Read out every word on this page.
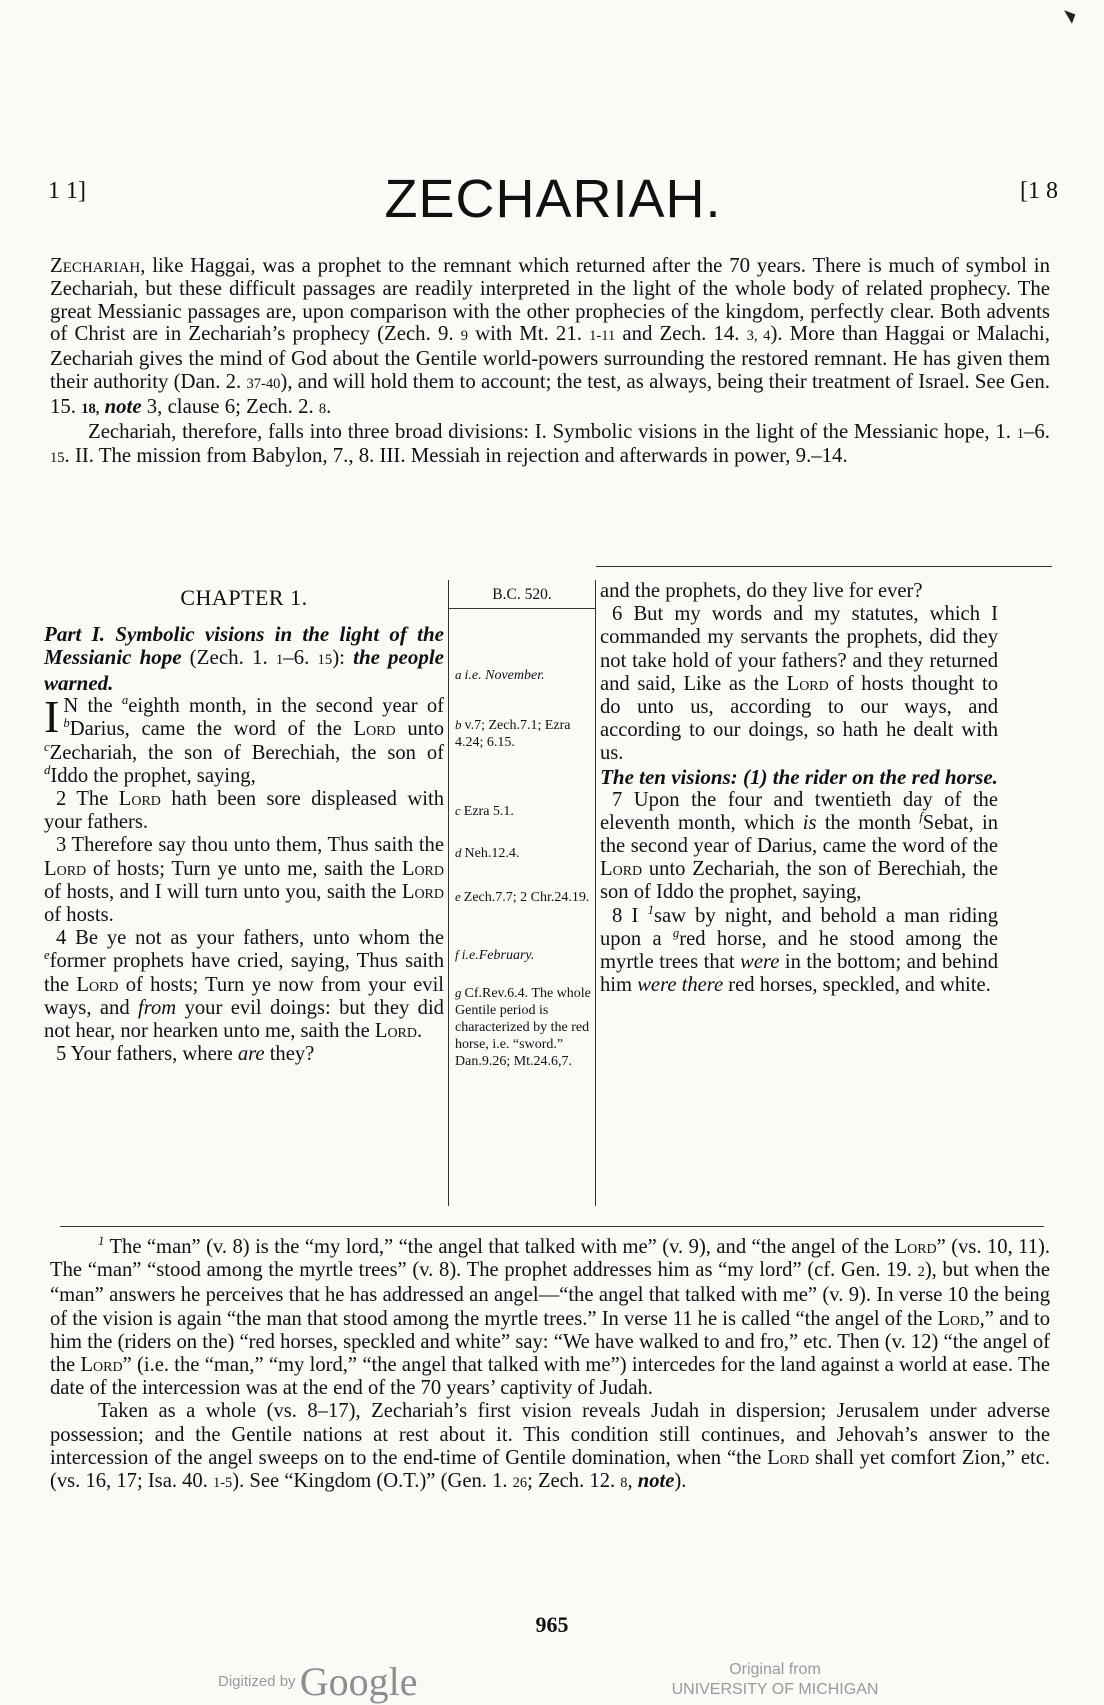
1 1]	ZECHARIAH.	[1 8

Zechariah, like Haggai, was a prophet to the remnant which returned after the 70 years. There is much of symbol in Zechariah, but these difficult passages are readily interpreted in the light of the whole body of related prophecy. The great Messianic passages are, upon comparison with the other prophecies of the kingdom, perfectly clear. Both advents of Christ are in Zechariah’s prophecy (Zech. 9. 9 with Mt. 21. 1-11 and Zech. 14. 3, 4). More than Haggai or Malachi, Zechariah gives the mind of God about the Gentile world-powers surrounding the restored remnant. He has given them their authority (Dan. 2. 37-40), and will hold them to account; the test, as always, being their treatment of Israel. See Gen. 15. 18, note 3, clause 6; Zech. 2. 8.

Zechariah, therefore, falls into three broad divisions: I. Symbolic visions in the light of the Messianic hope, 1. 1–6. 15. II. The mission from Babylon, 7., 8. III. Messiah in rejection and afterwards in power, 9.–14.

CHAPTER 1.

Part I. Symbolic visions in the light of the Messianic hope (Zech. 1. 1–6. 15): the people warned.

I N the $^a$eighth month, in the second year of $^b$Darius, came the word of the Lord unto $^c$Zechariah, the son of Berechiah, the son of $^d$Iddo the prophet, saying,

2 The Lord hath been sore displeased with your fathers.

3 Therefore say thou unto them, Thus saith the Lord of hosts; Turn ye unto me, saith the Lord of hosts, and I will turn unto you, saith the Lord of hosts.

4 Be ye not as your fathers, unto whom the $^e$former prophets have cried, saying, Thus saith the Lord of hosts; Turn ye now from your evil ways, and from your evil doings: but they did not hear, nor hearken unto me, saith the Lord.

5 Your fathers, where are they?

B.C. 520.
a i.e. November.
b v.7; Zech.7.1; Ezra 4.24; 6.15.
c Ezra 5.1.
d Neh.12.4.
e Zech.7.7; 2 Chr.24.19.
f i.e.February.
g Cf.Rev.6.4. The whole Gentile period is characterized by the red horse, i.e. “sword.” Dan.9.26; Mt.24.6,7.

and the prophets, do they live for ever?

6 But my words and my statutes, which I commanded my servants the prophets, did they not take hold of your fathers? and they returned and said, Like as the Lord of hosts thought to do unto us, according to our ways, and according to our doings, so hath he dealt with us.

The ten visions: (1) the rider on the red horse.

7 Upon the four and twentieth day of the eleventh month, which is the month $^f$Sebat, in the second year of Darius, came the word of the Lord unto Zechariah, the son of Berechiah, the son of Iddo the prophet, saying,

8 I $^1$saw by night, and behold a man riding upon a $^g$red horse, and he stood among the myrtle trees that were in the bottom; and behind him were there red horses, speckled, and white.

$^1$ The “man” (v. 8) is the “my lord,” “the angel that talked with me” (v. 9), and “the angel of the Lord” (vs. 10, 11). The “man” “stood among the myrtle trees” (v. 8). The prophet addresses him as “my lord” (cf. Gen. 19. 2), but when the “man” answers he perceives that he has addressed an angel—“the angel that talked with me” (v. 9). In verse 10 the being of the vision is again “the man that stood among the myrtle trees.” In verse 11 he is called “the angel of the Lord,” and to him the (riders on the) “red horses, speckled and white” say: “We have walked to and fro,” etc. Then (v. 12) “the angel of the Lord” (i.e. the “man,” “my lord,” “the angel that talked with me”) intercedes for the land against a world at ease. The date of the intercession was at the end of the 70 years’ captivity of Judah.

Taken as a whole (vs. 8–17), Zechariah’s first vision reveals Judah in dispersion; Jerusalem under adverse possession; and the Gentile nations at rest about it. This condition still continues, and Jehovah’s answer to the intercession of the angel sweeps on to the end-time of Gentile domination, when “the Lord shall yet comfort Zion,” etc. (vs. 16, 17; Isa. 40. 1-5). See “Kingdom (O.T.)” (Gen. 1. 26; Zech. 12. 8, note).

965
Digitized by Google	Original from
UNIVERSITY OF MICHIGAN
